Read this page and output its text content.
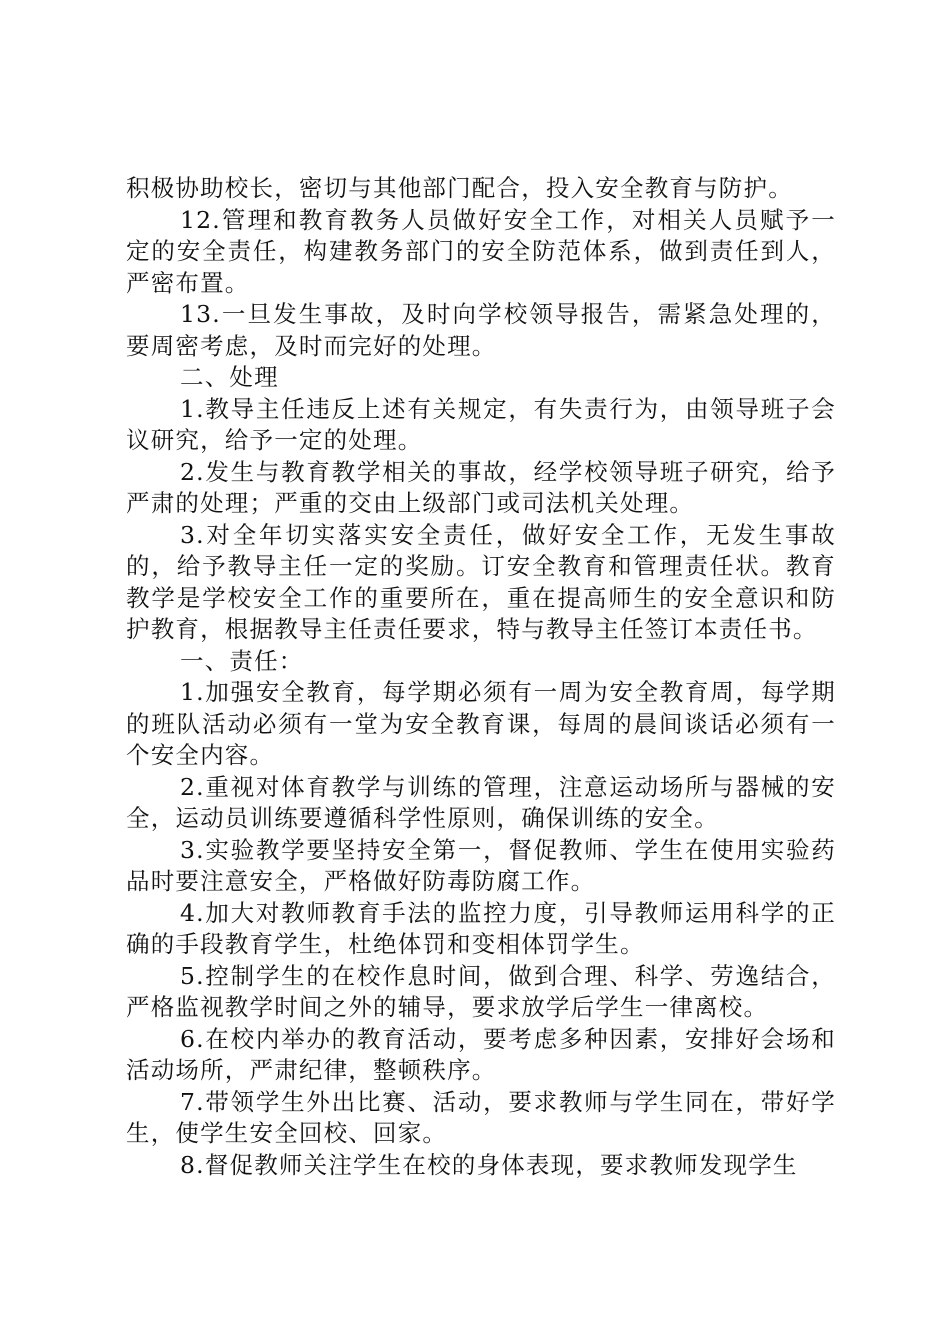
积极协助校长，密切与其他部门配合，投入安全教育与防护。

12.管理和教育教务人员做好安全工作，对相关人员赋予一定的安全责任，构建教务部门的安全防范体系，做到责任到人，严密布置。

13.一旦发生事故，及时向学校领导报告，需紧急处理的，要周密考虑，及时而完好的处理。

二、处理

1.教导主任违反上述有关规定，有失责行为，由领导班子会议研究，给予一定的处理。

2.发生与教育教学相关的事故，经学校领导班子研究，给予严肃的处理；严重的交由上级部门或司法机关处理。

3.对全年切实落实安全责任，做好安全工作，无发生事故的，给予教导主任一定的奖励。订安全教育和管理责任状。教育教学是学校安全工作的重要所在，重在提高师生的安全意识和防护教育，根据教导主任责任要求，特与教导主任签订本责任书。

一、责任：

1.加强安全教育，每学期必须有一周为安全教育周，每学期的班队活动必须有一堂为安全教育课，每周的晨间谈话必须有一个安全内容。

2.重视对体育教学与训练的管理，注意运动场所与器械的安全，运动员训练要遵循科学性原则，确保训练的安全。

3.实验教学要坚持安全第一，督促教师、学生在使用实验药品时要注意安全，严格做好防毒防腐工作。

4.加大对教师教育手法的监控力度，引导教师运用科学的正确的手段教育学生，杜绝体罚和变相体罚学生。

5.控制学生的在校作息时间，做到合理、科学、劳逸结合，严格监视教学时间之外的辅导，要求放学后学生一律离校。

6.在校内举办的教育活动，要考虑多种因素，安排好会场和活动场所，严肃纪律，整顿秩序。

7.带领学生外出比赛、活动，要求教师与学生同在，带好学生，使学生安全回校、回家。

8.督促教师关注学生在校的身体表现，要求教师发现学生
